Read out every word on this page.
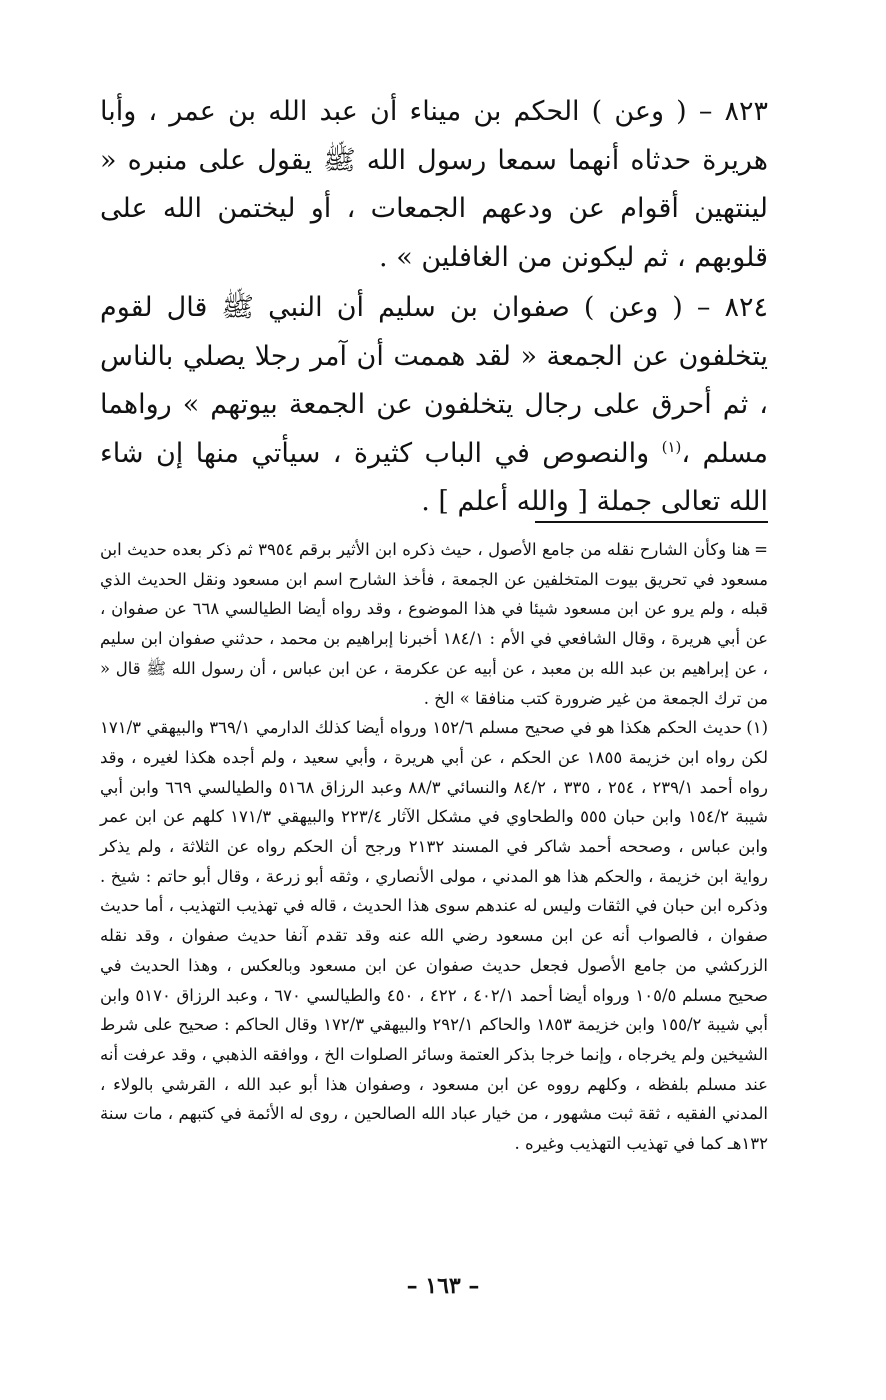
٨٢٣ – ( وعن ) الحكم بن ميناء أن عبد الله بن عمر ، وأبا هريرة حدثاه أنهما سمعا رسول الله ﷺ يقول على منبره « لينتهين أقوام عن ودعهم الجمعات ، أو ليختمن الله على قلوبهم ، ثم ليكونن من الغافلين » .

٨٢٤ – ( وعن ) صفوان بن سليم أن النبي ﷺ قال لقوم يتخلفون عن الجمعة « لقد هممت أن آمر رجلا يصلي بالناس ، ثم أحرق على رجال يتخلفون عن الجمعة بيوتهم » رواهما مسلم ،$^{(١)}$ والنصوص في الباب كثيرة ، سيأتي منها إن شاء الله تعالى جملة [ والله أعلم ] .

=هنا وكأن الشارح نقله من جامع الأصول ، حيث ذكره ابن الأثير برقم ٣٩٥٤ ثم ذكر بعده حديث ابن مسعود في تحريق بيوت المتخلفين عن الجمعة ، فأخذ الشارح اسم ابن مسعود ونقل الحديث الذي قبله ، ولم يرو عن ابن مسعود شيئا في هذا الموضوع ، وقد رواه أيضا الطيالسي ٦٦٨ عن صفوان ، عن أبي هريرة ، وقال الشافعي في الأم : ١٨٤/١ أخبرنا إبراهيم بن محمد ، حدثني صفوان ابن سليم ، عن إبراهيم بن عبد الله بن معبد ، عن أبيه عن عكرمة ، عن ابن عباس ، أن رسول الله ﷺ قال « من ترك الجمعة من غير ضرورة كتب منافقا » الخ .

(١)حديث الحكم هكذا هو في صحيح مسلم ١٥٢/٦ ورواه أيضا كذلك الدارمي ٣٦٩/١ والبيهقي ١٧١/٣ لكن رواه ابن خزيمة ١٨٥٥ عن الحكم ، عن أبي هريرة ، وأبي سعيد ، ولم أجده هكذا لغيره ، وقد رواه أحمد ٢٣٩/١ ، ٢٥٤ ، ٣٣٥ ، ٨٤/٢ والنسائي ٨٨/٣ وعبد الرزاق ٥١٦٨ والطيالسي ٦٦٩ وابن أبي شيبة ١٥٤/٢ وابن حبان ٥٥٥ والطحاوي في مشكل الآثار ٢٢٣/٤ والبيهقي ١٧١/٣ كلهم عن ابن عمر وابن عباس ، وصححه أحمد شاكر في المسند ٢١٣٢ ورجح أن الحكم رواه عن الثلاثة ، ولم يذكر رواية ابن خزيمة ، والحكم هذا هو المدني ، مولى الأنصاري ، وثقه أبو زرعة ، وقال أبو حاتم : شيخ . وذكره ابن حبان في الثقات وليس له عندهم سوى هذا الحديث ، قاله في تهذيب التهذيب ، أما حديث صفوان ، فالصواب أنه عن ابن مسعود رضي الله عنه وقد تقدم آنفا حديث صفوان ، وقد نقله الزركشي من جامع الأصول فجعل حديث صفوان عن ابن مسعود وبالعكس ، وهذا الحديث في صحيح مسلم ١٠٥/٥ ورواه أيضا أحمد ٤٠٢/١ ، ٤٢٢ ، ٤٥٠ والطيالسي ٦٧٠ ، وعبد الرزاق ٥١٧٠ وابن أبي شيبة ١٥٥/٢ وابن خزيمة ١٨٥٣ والحاكم ٢٩٢/١ والبيهقي ١٧٢/٣ وقال الحاكم : صحيح على شرط الشيخين ولم يخرجاه ، وإنما خرجا بذكر العتمة وسائر الصلوات الخ ، ووافقه الذهبي ، وقد عرفت أنه عند مسلم بلفظه ، وكلهم رووه عن ابن مسعود ، وصفوان هذا أبو عبد الله ، القرشي بالولاء ، المدني الفقيه ، ثقة ثبت مشهور ، من خيار عباد الله الصالحين ، روى له الأئمة في كتبهم ، مات سنة ١٣٢هـ كما في تهذيب التهذيب وغيره .

– ١٦٣ –
